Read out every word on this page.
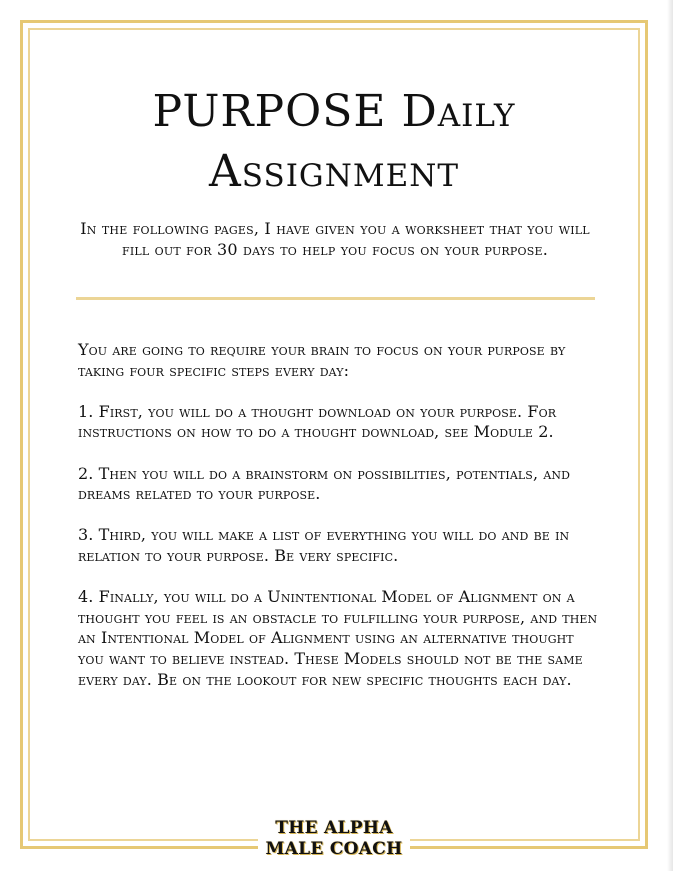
PURPOSE Daily
Assignment

In the following pages, I have given you a worksheet that you will fill out for 30 days to help you focus on your purpose.

You are going to require your brain to focus on your purpose by taking four specific steps every day:

1. First, you will do a thought download on your purpose. For instructions on how to do a thought download, see Module 2.

2. Then you will do a brainstorm on possibilities, potentials, and dreams related to your purpose.

3. Third, you will make a list of everything you will do and be in relation to your purpose. Be very specific.

4. Finally, you will do a Unintentional Model of Alignment on a thought you feel is an obstacle to fulfilling your purpose, and then an Intentional Model of Alignment using an alternative thought you want to believe instead. These Models should not be the same every day. Be on the lookout for new specific thoughts each day.

THE ALPHA
MALE COACH
